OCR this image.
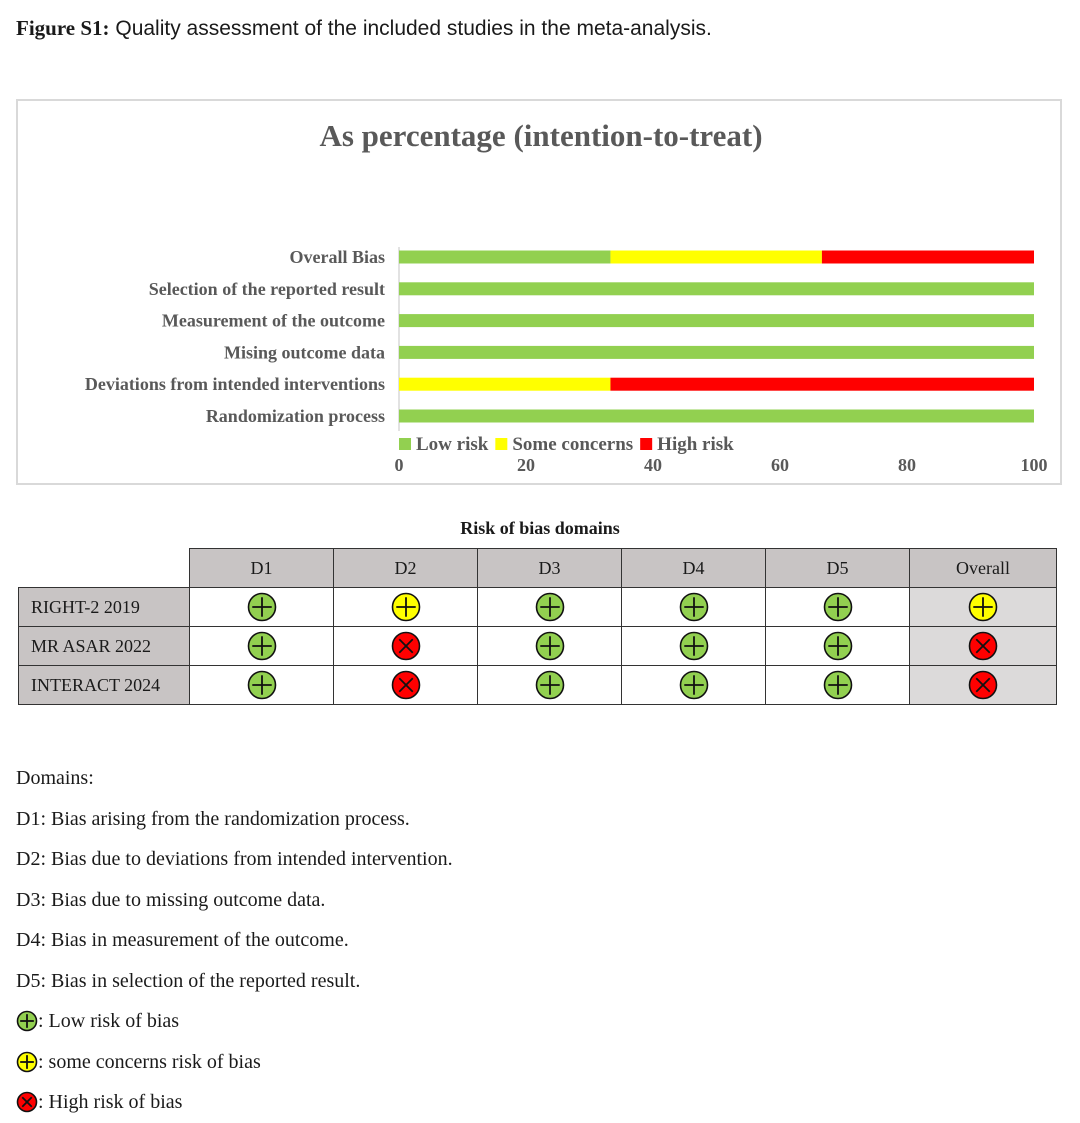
Figure S1: Quality assessment of the included studies in the meta-analysis.
As percentage (intention-to-treat)
Overall Bias
Selection of the reported result
Measurement of the outcome
Mising outcome data
Deviations from intended interventions
Randomization process
0	20	40	60	80	100
Low risk Some concerns High risk
Risk of bias domains
	D1	D2	D3	D4	D5	Overall
RIGHT-2 2019						
MR ASAR 2022						
INTERACT 2024						
Domains:
D1: Bias arising from the randomization process.
D2: Bias due to deviations from intended intervention.
D3: Bias due to missing outcome data.
D4: Bias in measurement of the outcome.
D5: Bias in selection of the reported result.
: Low risk of bias
: some concerns risk of bias
: High risk of bias
